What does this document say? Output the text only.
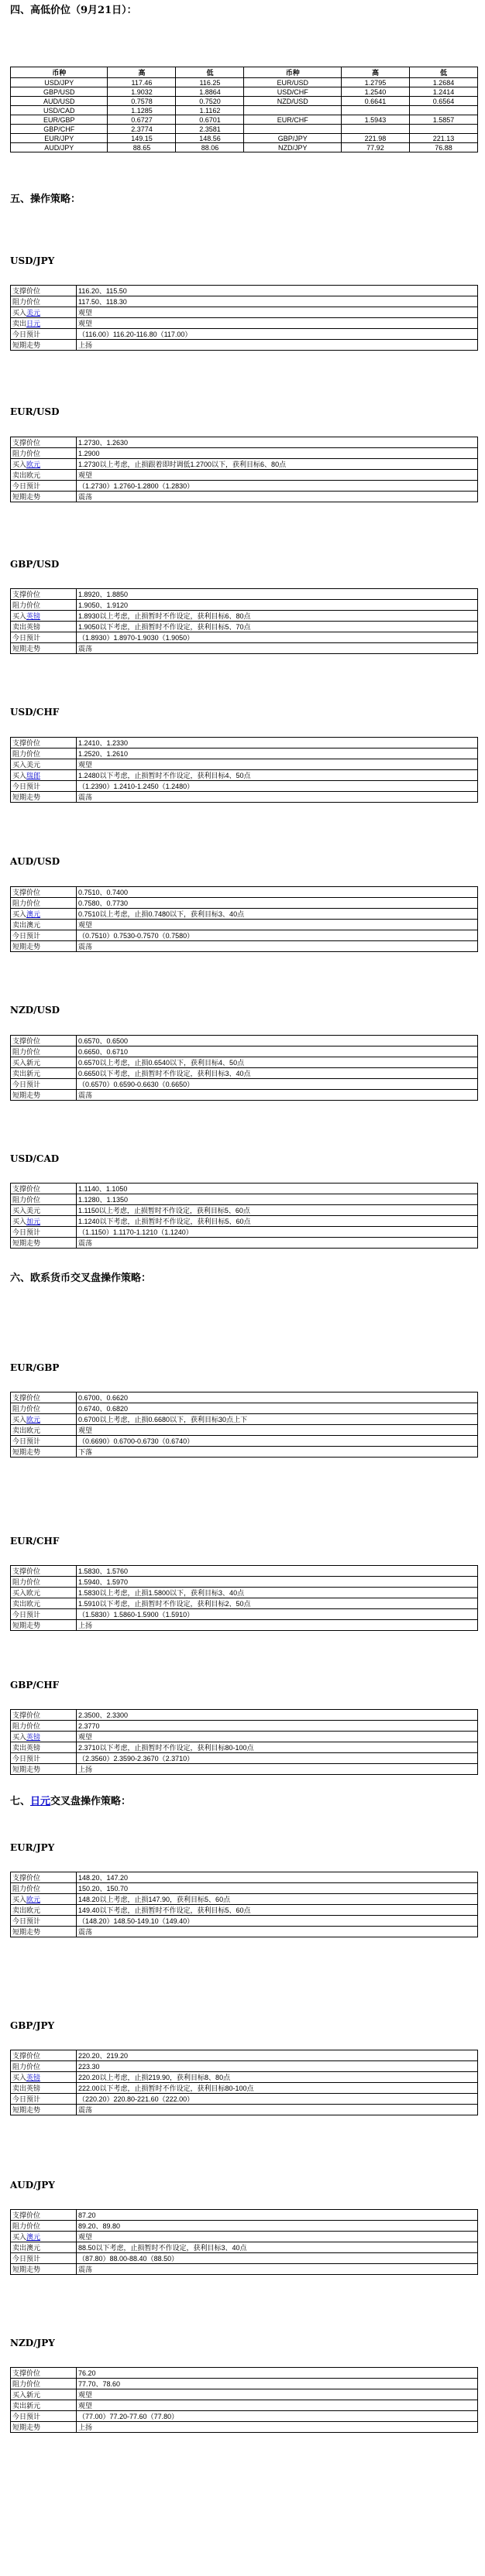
四、高低价位（9月21日）：
币种	高	低	币种	高	低
USD/JPY	117.46	116.25	EUR/USD	1.2795	1.2684
GBP/USD	1.9032	1.8864	USD/CHF	1.2540	1.2414
AUD/USD	0.7578	0.7520	NZD/USD	0.6641	0.6564
USD/CAD	1.1285	1.1162			
EUR/GBP	0.6727	0.6701	EUR/CHF	1.5943	1.5857
GBP/CHF	2.3774	2.3581			
EUR/JPY	149.15	148.56	GBP/JPY	221.98	221.13
AUD/JPY	88.65	88.06	NZD/JPY	77.92	76.88
五、操作策略：
六、欧系货币交叉盘操作策略：
七、日元交叉盘操作策略：
USD/JPY
支撑价位	116.20、115.50
阻力价位	117.50、118.30
买入美元	观望
卖出日元	观望
今日预计	（116.00）116.20-116.80（117.00）
短期走势	上扬
EUR/USD
支撑价位	1.2730、1.2630
阻力价位	1.2900
买入欧元	1.2730以上考虑，止损跟着即时调低1.2700以下，获利目标6、80点
卖出欧元	观望
今日预计	（1.2730）1.2760-1.2800（1.2830）
短期走势	震荡
GBP/USD
支撑价位	1.8920、1.8850
阻力价位	1.9050、1.9120
买入英镑	1.8930以上考虑，止损暂时不作设定，获利目标6、80点
卖出英镑	1.9050以下考虑，止损暂时不作设定，获利目标5、70点
今日预计	（1.8930）1.8970-1.9030（1.9050）
短期走势	震荡
USD/CHF
支撑价位	1.2410、1.2330
阻力价位	1.2520、1.2610
买入美元	观望
买入瑞郎	1.2480以下考虑，止损暂时不作设定，获利目标4、50点
今日预计	（1.2390）1.2410-1.2450（1.2480）
短期走势	震荡
AUD/USD
支撑价位	0.7510、0.7400
阻力价位	0.7580、0.7730
买入澳元	0.7510以上考虑，止损0.7480以下，获利目标3、40点
卖出澳元	观望
今日预计	（0.7510）0.7530-0.7570（0.7580）
短期走势	震荡
NZD/USD
支撑价位	0.6570、0.6500
阻力价位	0.6650、0.6710
买入新元	0.6570以上考虑，止损0.6540以下，获利目标4、50点
卖出新元	0.6650以下考虑，止损暂时不作设定，获利目标3、40点
今日预计	（0.6570）0.6590-0.6630（0.6650）
短期走势	震荡
USD/CAD
支撑价位	1.1140、1.1050
阻力价位	1.1280、1.1350
买入美元	1.1150以上考虑，止损暂时不作设定，获利目标5、60点
买入加元	1.1240以下考虑，止损暂时不作设定，获利目标5、60点
今日预计	（1.1150）1.1170-1.1210（1.1240）
短期走势	震荡
EUR/GBP
支撑价位	0.6700、0.6620
阻力价位	0.6740、0.6820
买入欧元	0.6700以上考虑，止损0.6680以下，获利目标30点上下
卖出欧元	观望
今日预计	（0.6690）0.6700-0.6730（0.6740）
短期走势	下落
EUR/CHF
支撑价位	1.5830、1.5760
阻力价位	1.5940、1.5970
买入欧元	1.5830以上考虑，止损1.5800以下，获利目标3、40点
卖出欧元	1.5910以下考虑，止损暂时不作设定，获利目标2、50点
今日预计	（1.5830）1.5860-1.5900（1.5910）
短期走势	上扬
GBP/CHF
支撑价位	2.3500、2.3300
阻力价位	2.3770
买入英镑	观望
卖出英镑	2.3710以下考虑，止损暂时不作设定，获利目标80-100点
今日预计	（2.3560）2.3590-2.3670（2.3710）
短期走势	上扬
EUR/JPY
支撑价位	148.20、147.20
阻力价位	150.20、150.70
买入欧元	148.20以上考虑，止损147.90，获利目标5、60点
卖出欧元	149.40以下考虑，止损暂时不作设定，获利目标5、60点
今日预计	（148.20）148.50-149.10（149.40）
短期走势	震荡
GBP/JPY
支撑价位	220.20、219.20
阻力价位	223.30
买入英镑	220.20以上考虑，止损219.90，获利目标8、80点
卖出英镑	222.00以下考虑，止损暂时不作设定，获利目标80-100点
今日预计	（220.20）220.80-221.60（222.00）
短期走势	震荡
AUD/JPY
支撑价位	87.20
阻力价位	89.20、89.80
买入澳元	观望
卖出澳元	88.50以下考虑，止损暂时不作设定，获利目标3、40点
今日预计	（87.80）88.00-88.40（88.50）
短期走势	震荡
NZD/JPY
支撑价位	76.20
阻力价位	77.70、78.60
买入新元	观望
卖出新元	观望
今日预计	（77.00）77.20-77.60（77.80）
短期走势	上扬
